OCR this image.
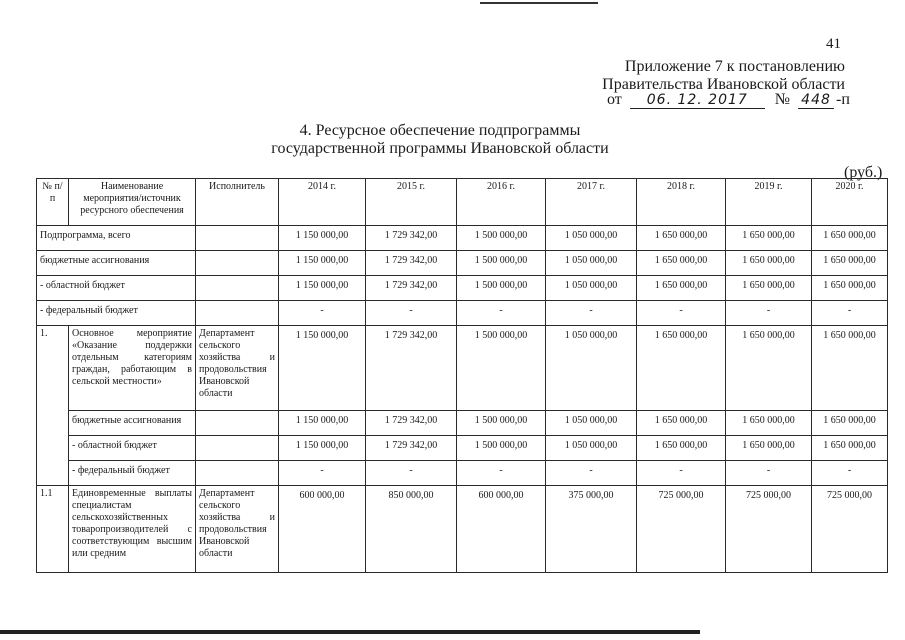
41
Приложение 7 к постановлению
Правительства Ивановской области
от 06. 12. 2017 № 448 -п
4. Ресурсное обеспечение подпрограммы
государственной программы Ивановской области
(руб.)
№ п/п	Наименование мероприятия/источник ресурсного обеспечения	Исполнитель	2014 г.	2015 г.	2016 г.	2017 г.	2018 г.	2019 г.	2020 г.
Подпрограмма, всего			1 150 000,00	1 729 342,00	1 500 000,00	1 050 000,00	1 650 000,00	1 650 000,00	1 650 000,00
бюджетные ассигнования			1 150 000,00	1 729 342,00	1 500 000,00	1 050 000,00	1 650 000,00	1 650 000,00	1 650 000,00
- областной бюджет			1 150 000,00	1 729 342,00	1 500 000,00	1 050 000,00	1 650 000,00	1 650 000,00	1 650 000,00
- федеральный бюджет			-	-	-	-	-	-	-
1.	Основное мероприятие «Оказание поддержки отдельным категориям граждан, работающим в сельской местности»	Департамент сельского хозяйства и продовольствия Ивановской области	1 150 000,00	1 729 342,00	1 500 000,00	1 050 000,00	1 650 000,00	1 650 000,00	1 650 000,00
	бюджетные ассигнования		1 150 000,00	1 729 342,00	1 500 000,00	1 050 000,00	1 650 000,00	1 650 000,00	1 650 000,00
	- областной бюджет		1 150 000,00	1 729 342,00	1 500 000,00	1 050 000,00	1 650 000,00	1 650 000,00	1 650 000,00
	- федеральный бюджет		-	-	-	-	-	-	-
1.1	Единовременные выплаты специалистам сельскохозяйственных товаропроизводителей с соответствующим высшим или средним	Департамент сельского хозяйства и продовольствия Ивановской области	600 000,00	850 000,00	600 000,00	375 000,00	725 000,00	725 000,00	725 000,00
